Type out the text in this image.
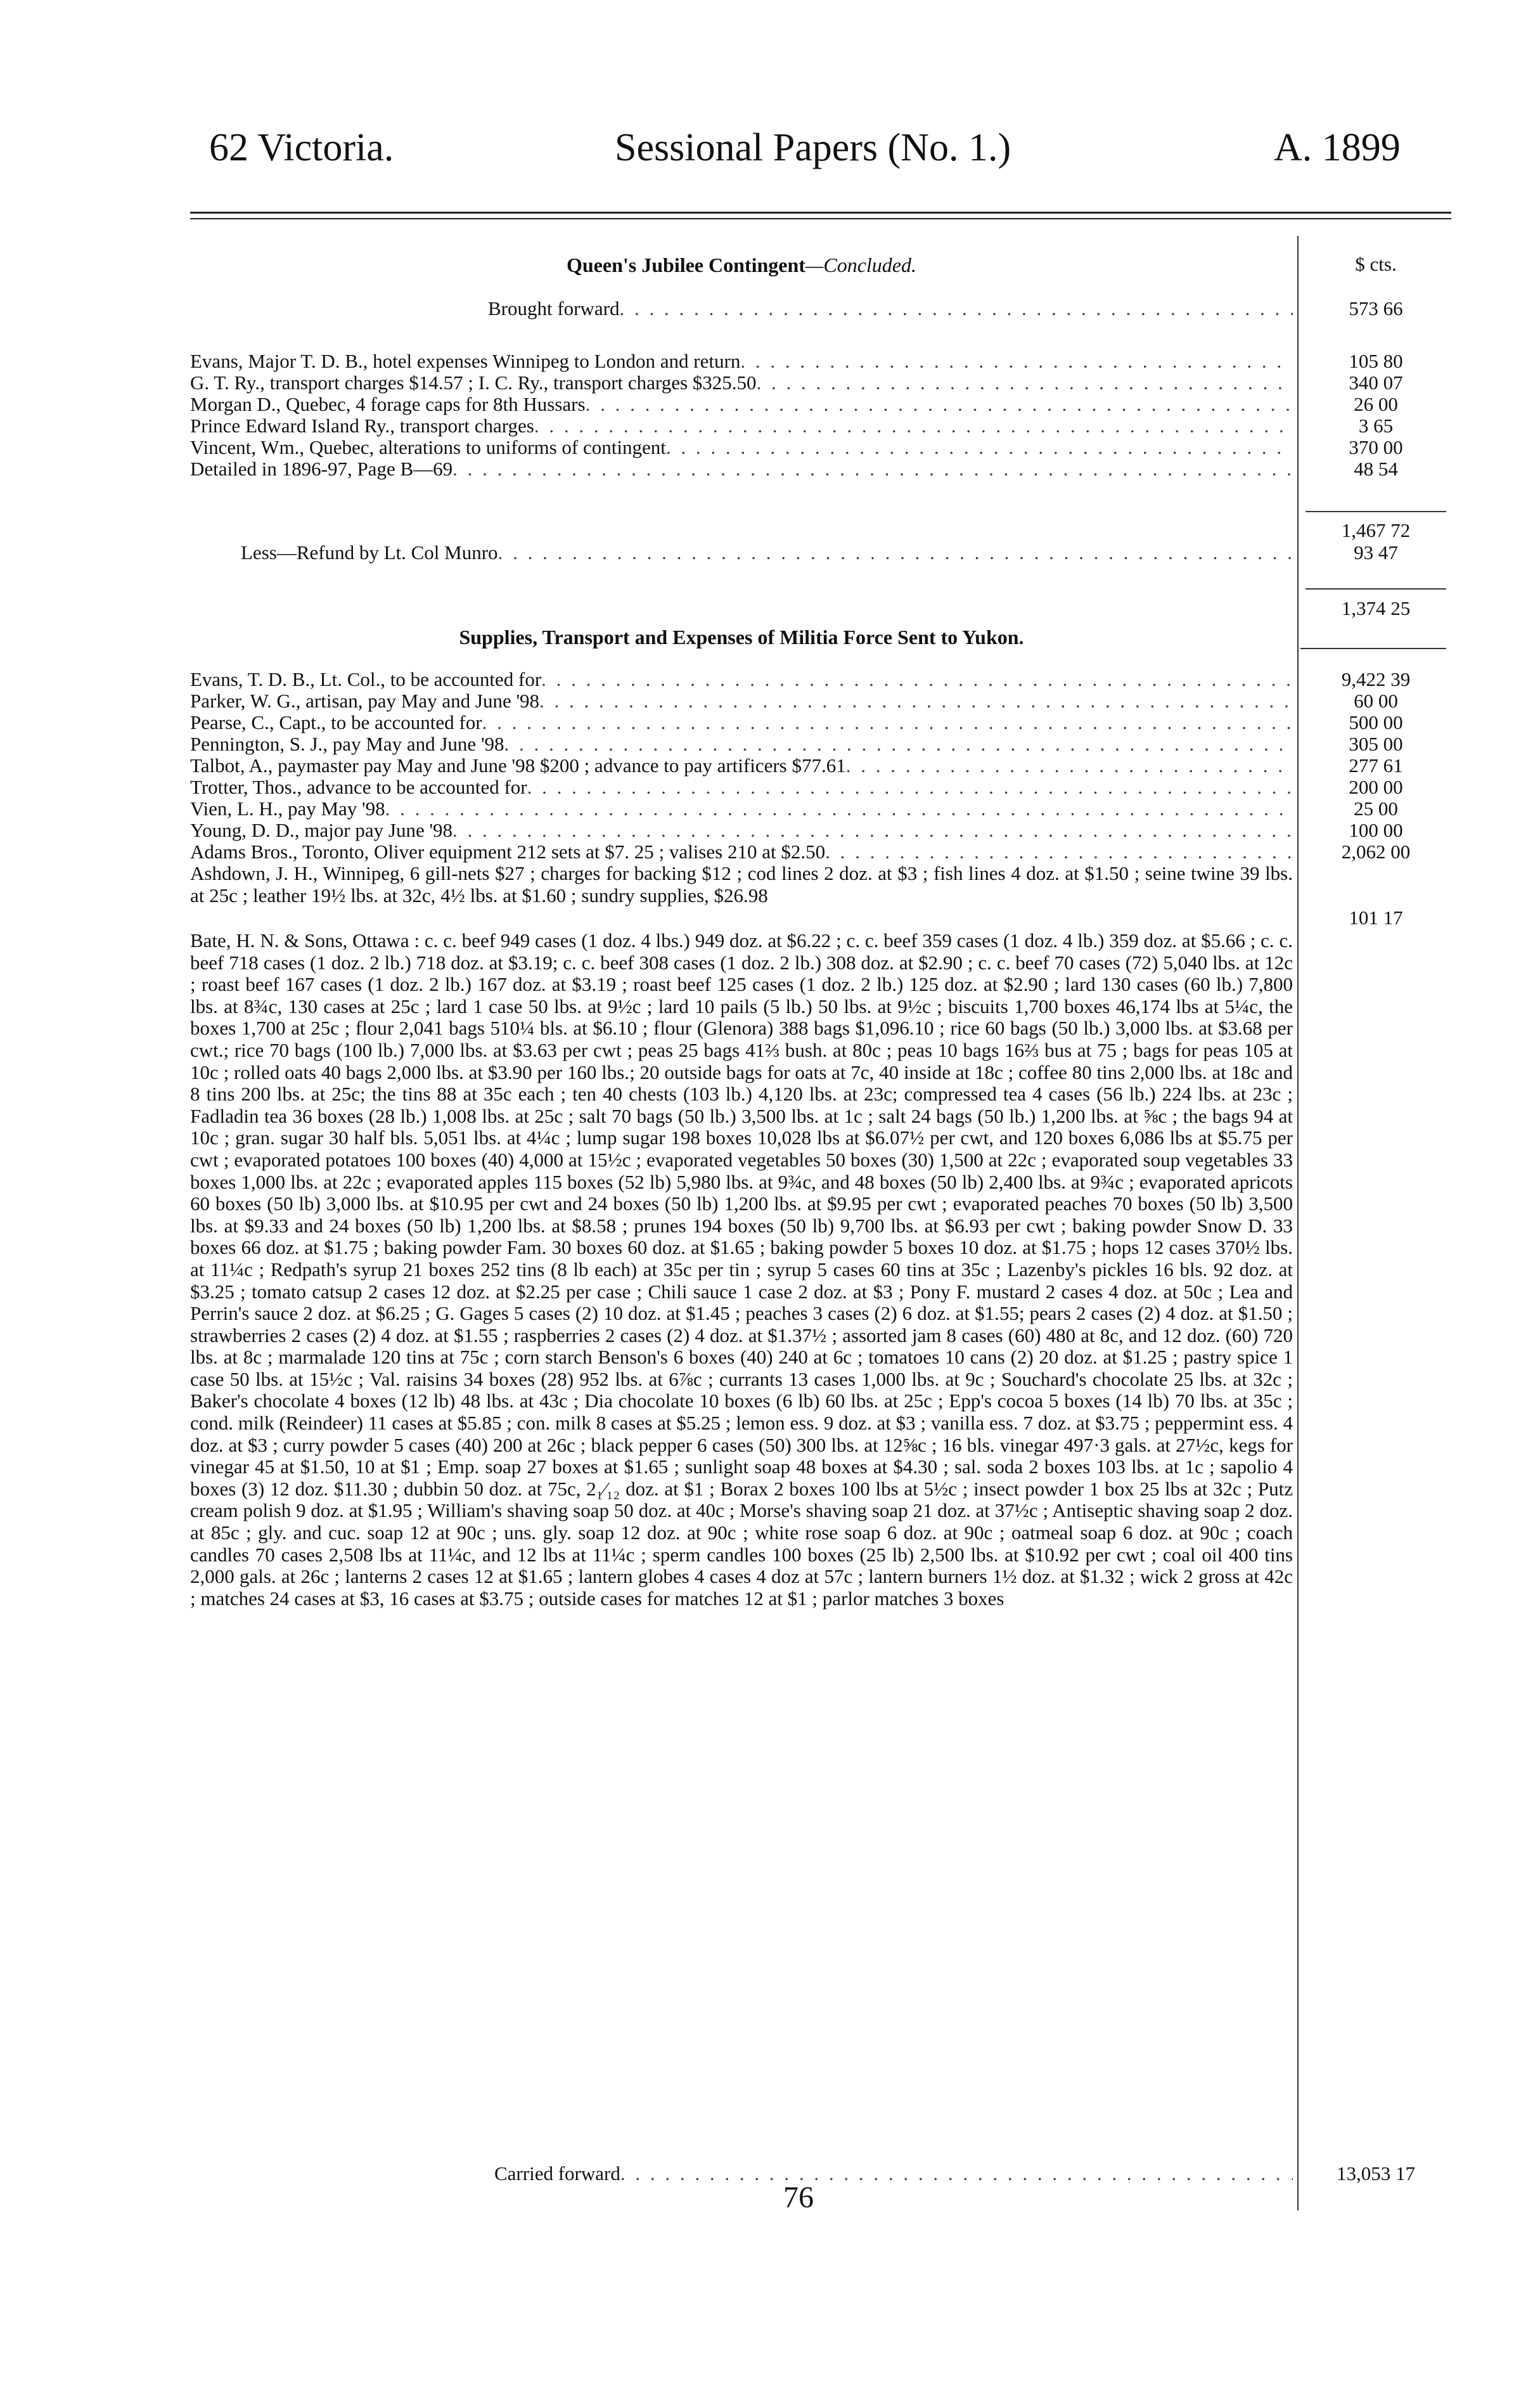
62 Victoria.	Sessional Papers (No. 1.)	A. 1899
Queen's Jubilee Contingent—Concluded.	$ cts.
Brought forward . . .	573 66
Evans, Major T. D. B., hotel expenses Winnipeg to London and return . . .	105 80
G. T. Ry., transport charges $14.57 ; I. C. Ry., transport charges $325.50 . . .	340 07
Morgan D., Quebec, 4 forage caps for 8th Hussars . . .	26 00
Prince Edward Island Ry., transport charges . . .	3 65
Vincent, Wm., Quebec, alterations to uniforms of contingent . . .	370 00
Detailed in 1896-97, Page B—69 . . .	48 54
1,467 72
Less—Refund by Lt. Col Munro . . .	93 47
1,374 25
Supplies, Transport and Expenses of Militia Force Sent to Yukon.
Evans, T. D. B., Lt. Col., to be accounted for . . .	9,422 39
Parker, W. G., artisan, pay May and June '98 . . .	60 00
Pearse, C., Capt., to be accounted for . . .	500 00
Pennington, S. J., pay May and June '98 . . .	305 00
Talbot, A., paymaster pay May and June '98 $200 ; advance to pay artificers $77.61 . . .	277 61
Trotter, Thos., advance to be accounted for . . .	200 00
Vien, L. H., pay May '98 . . .	25 00
Young, D. D., major pay June '98 . . .	100 00
Adams Bros., Toronto, Oliver equipment 212 sets at $7. 25 ; valises 210 at $2.50 . . .	2,062 00
Ashdown, J. H., Winnipeg, 6 gill-nets $27 ; charges for backing $12 ; cod lines 2 doz. at $3 ; fish lines 4 doz. at $1.50 ; seine twine 39 lbs. at 25c ; leather 19½ lbs. at 32c, 4½ lbs. at $1.60 ; sundry supplies, $26.98
101 17
Bate, H. N. & Sons, Ottawa : c. c. beef 949 cases (1 doz. 4 lbs.) 949 doz. at $6.22 ; c. c. beef 359 cases (1 doz. 4 lb.) 359 doz. at $5.66 ; c. c. beef 718 cases (1 doz. 2 lb.) 718 doz. at $3.19; c. c. beef 308 cases (1 doz. 2 lb.) 308 doz. at $2.90 ; c. c. beef 70 cases (72) 5,040 lbs. at 12c ; roast beef 167 cases (1 doz. 2 lb.) 167 doz. at $3.19 ; roast beef 125 cases (1 doz. 2 lb.) 125 doz. at $2.90 ; lard 130 cases (60 lb.) 7,800 lbs. at 8¾c, 130 cases at 25c ; lard 1 case 50 lbs. at 9½c ; lard 10 pails (5 lb.) 50 lbs. at 9½c ; biscuits 1,700 boxes 46,174 lbs at 5¼c, the boxes 1,700 at 25c ; flour 2,041 bags 510¼ bls. at $6.10 ; flour (Glenora) 388 bags $1,096.10 ; rice 60 bags (50 lb.) 3,000 lbs. at $3.68 per cwt.; rice 70 bags (100 lb.) 7,000 lbs. at $3.63 per cwt ; peas 25 bags 41⅔ bush. at 80c ; peas 10 bags 16⅔ bus at 75 ; bags for peas 105 at 10c ; rolled oats 40 bags 2,000 lbs. at $3.90 per 160 lbs.; 20 outside bags for oats at 7c, 40 inside at 18c ; coffee 80 tins 2,000 lbs. at 18c and 8 tins 200 lbs. at 25c; the tins 88 at 35c each ; ten 40 chests (103 lb.) 4,120 lbs. at 23c; compressed tea 4 cases (56 lb.) 224 lbs. at 23c ; Fadladin tea 36 boxes (28 lb.) 1,008 lbs. at 25c ; salt 70 bags (50 lb.) 3,500 lbs. at 1c ; salt 24 bags (50 lb.) 1,200 lbs. at ⅝c ; the bags 94 at 10c ; gran. sugar 30 half bls. 5,051 lbs. at 4¼c ; lump sugar 198 boxes 10,028 lbs at $6.07½ per cwt, and 120 boxes 6,086 lbs at $5.75 per cwt ; evaporated potatoes 100 boxes (40) 4,000 at 15½c ; evaporated vegetables 50 boxes (30) 1,500 at 22c ; evaporated soup vegetables 33 boxes 1,000 lbs. at 22c ; evaporated apples 115 boxes (52 lb) 5,980 lbs. at 9¾c, and 48 boxes (50 lb) 2,400 lbs. at 9¾c ; evaporated apricots 60 boxes (50 lb) 3,000 lbs. at $10.95 per cwt and 24 boxes (50 lb) 1,200 lbs. at $9.95 per cwt ; evaporated peaches 70 boxes (50 lb) 3,500 lbs. at $9.33 and 24 boxes (50 lb) 1,200 lbs. at $8.58 ; prunes 194 boxes (50 lb) 9,700 lbs. at $6.93 per cwt ; baking powder Snow D. 33 boxes 66 doz. at $1.75 ; baking powder Fam. 30 boxes 60 doz. at $1.65 ; baking powder 5 boxes 10 doz. at $1.75 ; hops 12 cases 370½ lbs. at 11¼c ; Redpath's syrup 21 boxes 252 tins (8 lb each) at 35c per tin ; syrup 5 cases 60 tins at 35c ; Lazenby's pickles 16 bls. 92 doz. at $3.25 ; tomato catsup 2 cases 12 doz. at $2.25 per case ; Chili sauce 1 case 2 doz. at $3 ; Pony F. mustard 2 cases 4 doz. at 50c ; Lea and Perrin's sauce 2 doz. at $6.25 ; G. Gages 5 cases (2) 10 doz. at $1.45 ; peaches 3 cases (2) 6 doz. at $1.55; pears 2 cases (2) 4 doz. at $1.50 ; strawberries 2 cases (2) 4 doz. at $1.55 ; raspberries 2 cases (2) 4 doz. at $1.37½ ; assorted jam 8 cases (60) 480 at 8c, and 12 doz. (60) 720 lbs. at 8c ; marmalade 120 tins at 75c ; corn starch Benson's 6 boxes (40) 240 at 6c ; tomatoes 10 cans (2) 20 doz. at $1.25 ; pastry spice 1 case 50 lbs. at 15½c ; Val. raisins 34 boxes (28) 952 lbs. at 6⅞c ; currants 13 cases 1,000 lbs. at 9c ; Souchard's chocolate 25 lbs. at 32c ; Baker's chocolate 4 boxes (12 lb) 48 lbs. at 43c ; Dia chocolate 10 boxes (6 lb) 60 lbs. at 25c ; Epp's cocoa 5 boxes (14 lb) 70 lbs. at 35c ; cond. milk (Reindeer) 11 cases at $5.85 ; con. milk 8 cases at $5.25 ; lemon ess. 9 doz. at $3 ; vanilla ess. 7 doz. at $3.75 ; peppermint ess. 4 doz. at $3 ; curry powder 5 cases (40) 200 at 26c ; black pepper 6 cases (50) 300 lbs. at 12⅝c ; 16 bls. vinegar 497·3 gals. at 27½c, kegs for vinegar 45 at $1.50, 10 at $1 ; Emp. soap 27 boxes at $1.65 ; sunlight soap 48 boxes at $4.30 ; sal. soda 2 boxes 103 lbs. at 1c ; sapolio 4 boxes (3) 12 doz. $11.30 ; dubbin 50 doz. at 75c, 2₁⁄₁₂ doz. at $1 ; Borax 2 boxes 100 lbs at 5½c ; insect powder 1 box 25 lbs at 32c ; Putz cream polish 9 doz. at $1.95 ; William's shaving soap 50 doz. at 40c ; Morse's shaving soap 21 doz. at 37½c ; Antiseptic shaving soap 2 doz. at 85c ; gly. and cuc. soap 12 at 90c ; uns. gly. soap 12 doz. at 90c ; white rose soap 6 doz. at 90c ; oatmeal soap 6 doz. at 90c ; coach candles 70 cases 2,508 lbs at 11¼c, and 12 lbs at 11¼c ; sperm candles 100 boxes (25 lb) 2,500 lbs. at $10.92 per cwt ; coal oil 400 tins 2,000 gals. at 26c ; lanterns 2 cases 12 at $1.65 ; lantern globes 4 cases 4 doz at 57c ; lantern burners 1½ doz. at $1.32 ; wick 2 gross at 42c ; matches 24 cases at $3, 16 cases at $3.75 ; outside cases for matches 12 at $1 ; parlor matches 3 boxes
Carried forward . . .	13,053 17
76
